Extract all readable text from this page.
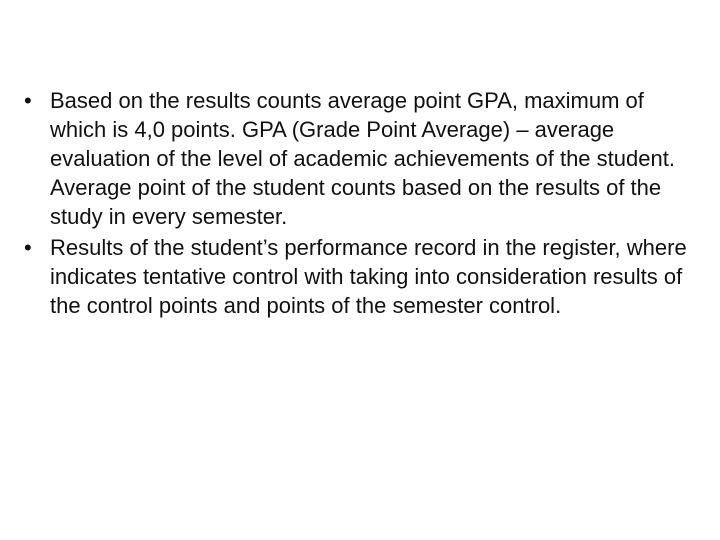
• Based on the results counts average point GPA, maximum of which is 4,0 points. GPA (Grade Point Average) – average evaluation of the level of academic achievements of the student. Average point of the student counts based on the results of the study in every semester.
• Results of the student’s performance record in the register, where indicates tentative control with taking into consideration results of the control points and points of the semester control.
